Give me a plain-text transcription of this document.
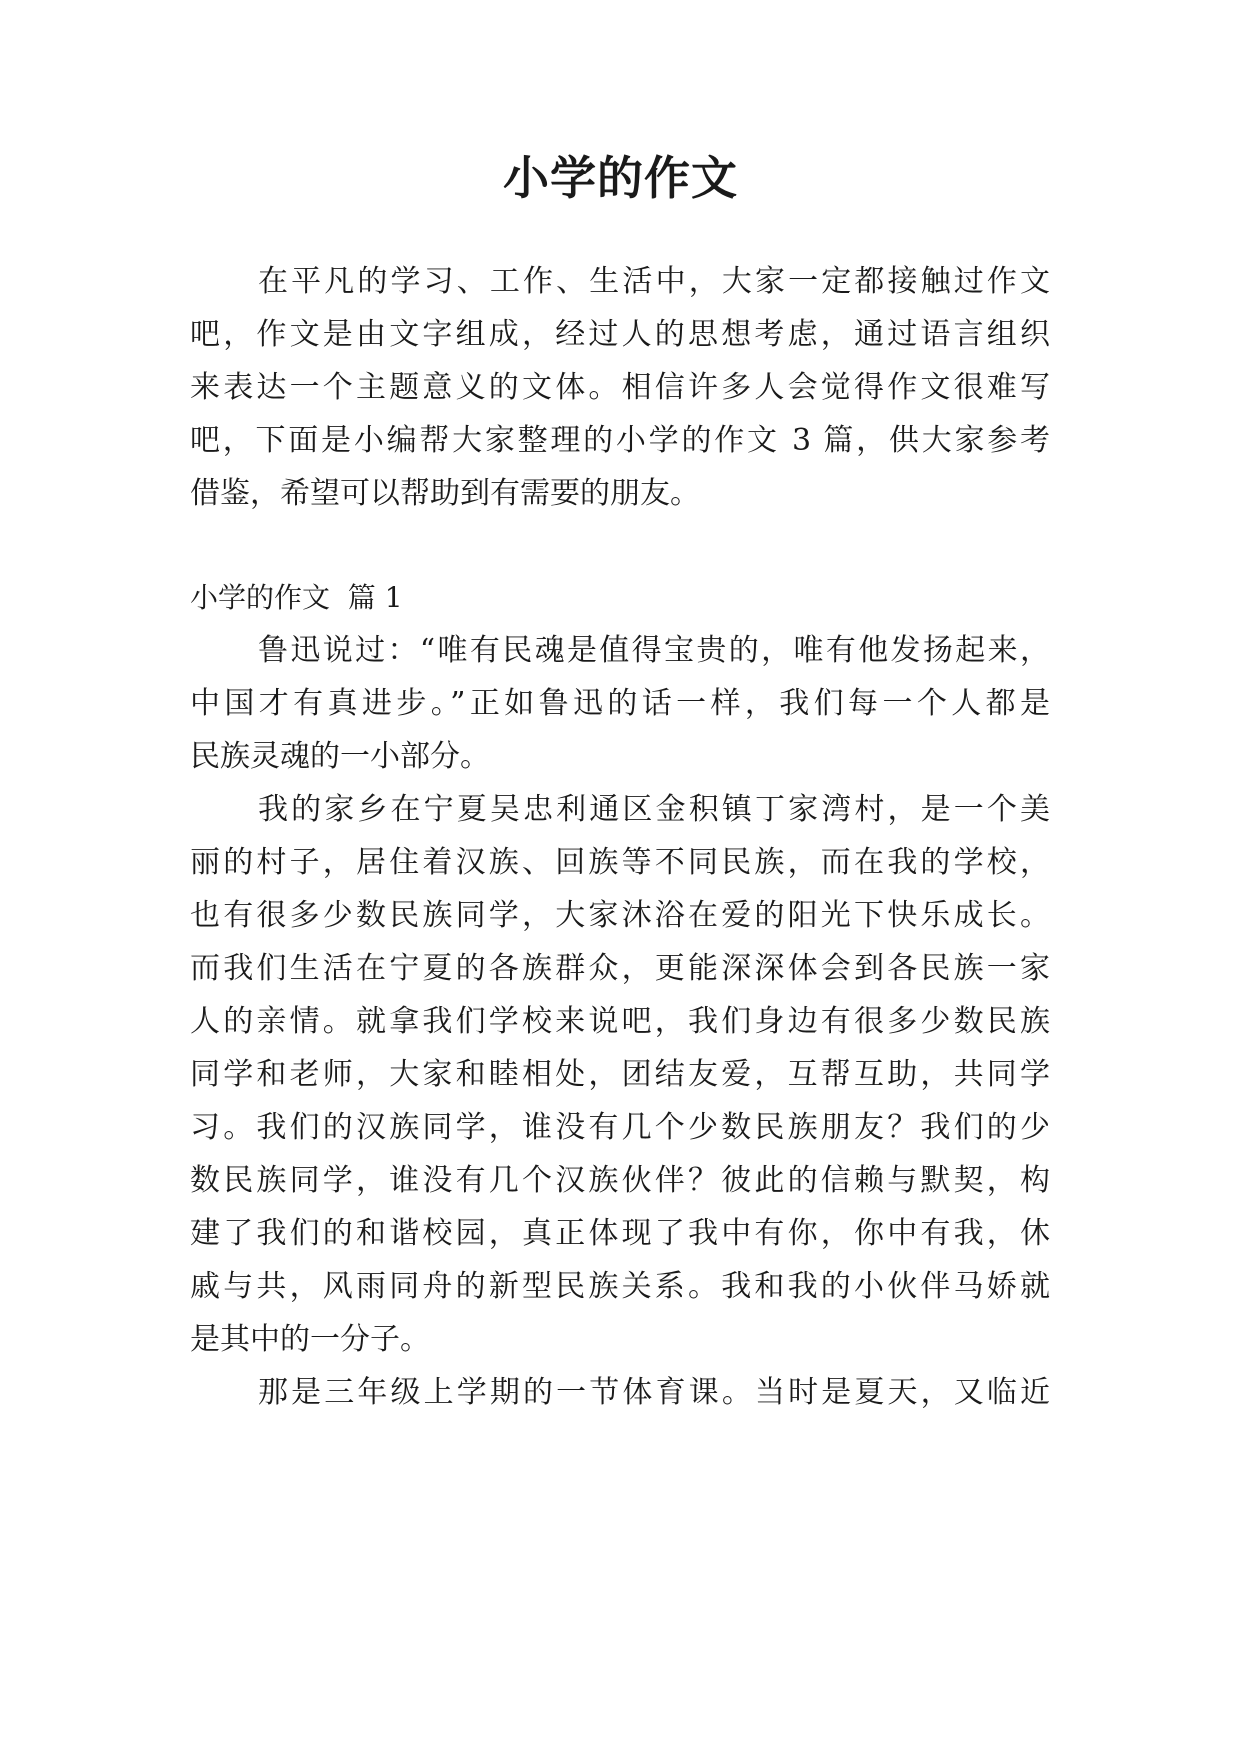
小学的作文
在平凡的学习、工作、生活中，大家一定都接触过作文
吧，作文是由文字组成，经过人的思想考虑，通过语言组织
来表达一个主题意义的文体。相信许多人会觉得作文很难写
吧，下面是小编帮大家整理的小学的作文 3 篇，供大家参考
借鉴，希望可以帮助到有需要的朋友。
小学的作文  篇 1
鲁迅说过：“唯有民魂是值得宝贵的，唯有他发扬起来，
中国才有真进步。”正如鲁迅的话一样，我们每一个人都是
民族灵魂的一小部分。
我的家乡在宁夏吴忠利通区金积镇丁家湾村，是一个美
丽的村子，居住着汉族、回族等不同民族，而在我的学校，
也有很多少数民族同学，大家沐浴在爱的阳光下快乐成长。
而我们生活在宁夏的各族群众，更能深深体会到各民族一家
人的亲情。就拿我们学校来说吧，我们身边有很多少数民族
同学和老师，大家和睦相处，团结友爱，互帮互助，共同学
习。我们的汉族同学，谁没有几个少数民族朋友？我们的少
数民族同学，谁没有几个汉族伙伴？彼此的信赖与默契，构
建了我们的和谐校园，真正体现了我中有你，你中有我，休
戚与共，风雨同舟的新型民族关系。我和我的小伙伴马娇就
是其中的一分子。
那是三年级上学期的一节体育课。当时是夏天，又临近
